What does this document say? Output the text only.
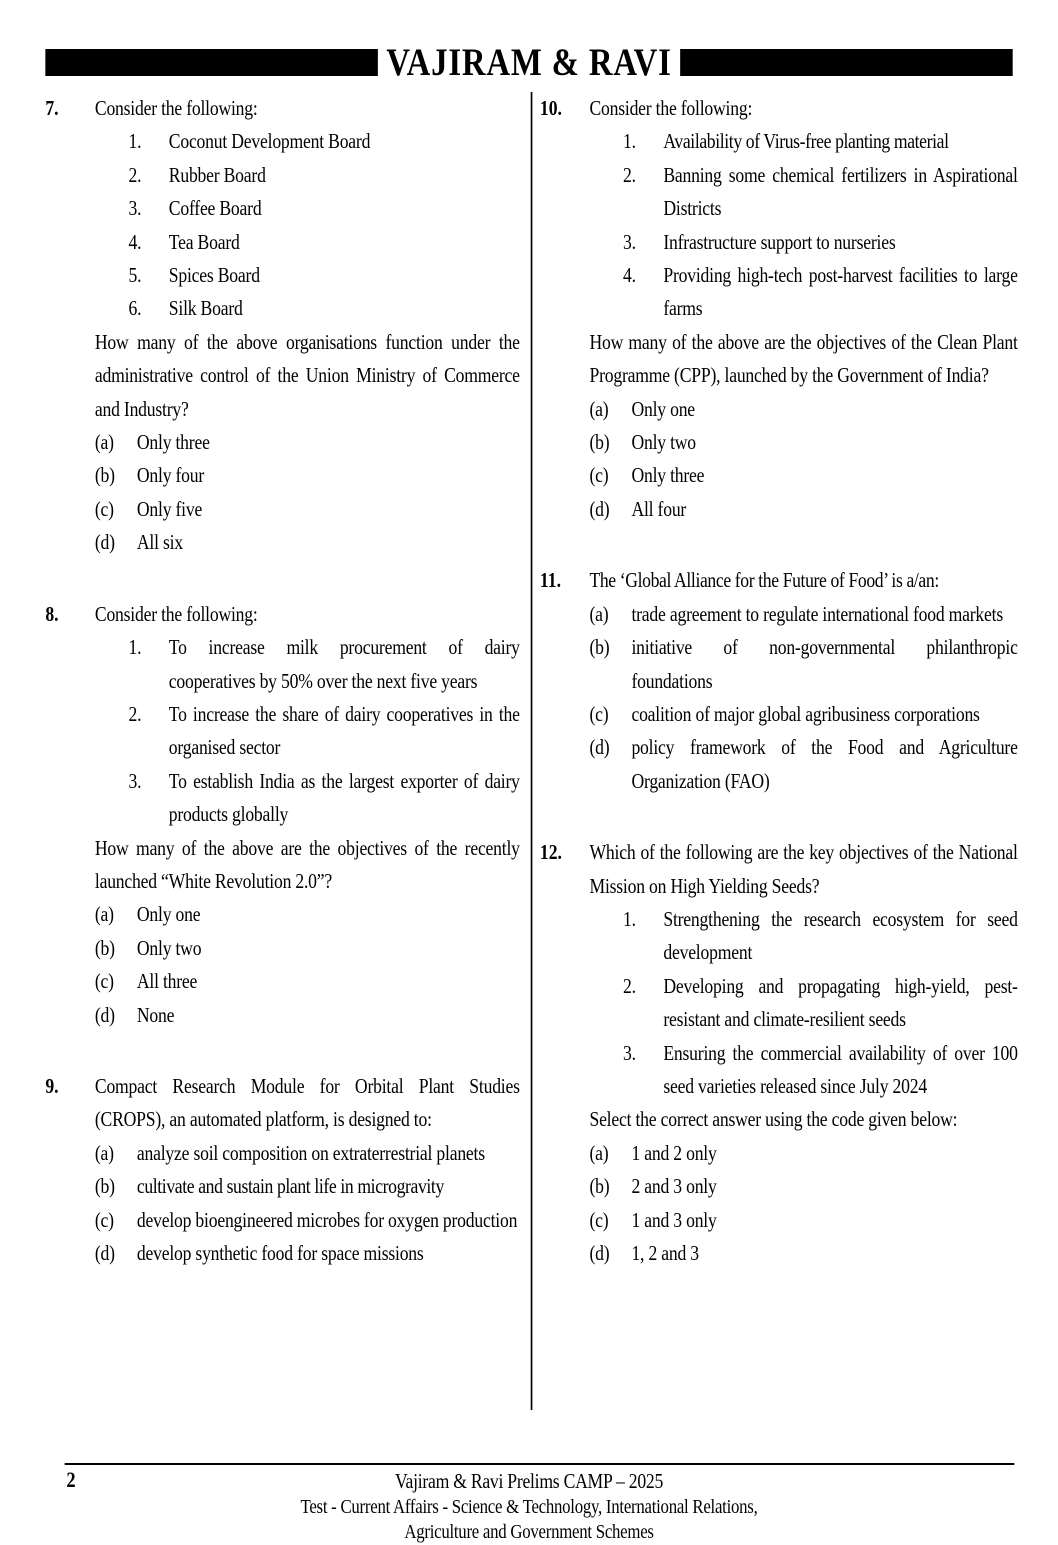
VAJIRAM & RAVI
7.	Consider the following:

1.	Coconut Development Board
2.	Rubber Board
3.	Coffee Board
4.	Tea Board
5.	Spices Board
6.	Silk Board

How many of the above organisations function under the administrative control of the Union Ministry of Commerce and Industry?

(a)	Only three
(b)	Only four
(c)	Only five
(d)	All six
8.	Consider the following:

1.	To increase milk procurement of dairy cooperatives by 50% over the next five years
2.	To increase the share of dairy cooperatives in the organised sector
3.	To establish India as the largest exporter of dairy products globally

How many of the above are the objectives of the recently launched “White Revolution 2.0”?

(a)	Only one
(b)	Only two
(c)	All three
(d)	None
9.	Compact Research Module for Orbital Plant Studies (CROPS), an automated platform, is designed to:

(a)	analyze soil composition on extraterrestrial planets
(b)	cultivate and sustain plant life in microgravity
(c)	develop bioengineered microbes for oxygen production
(d)	develop synthetic food for space missions
10.	Consider the following:

1.	Availability of Virus-free planting material
2.	Banning some chemical fertilizers in Aspirational Districts
3.	Infrastructure support to nurseries
4.	Providing high-tech post-harvest facilities to large farms

How many of the above are the objectives of the Clean Plant Programme (CPP), launched by the Government of India?

(a)	Only one
(b)	Only two
(c)	Only three
(d)	All four
11.	The ‘Global Alliance for the Future of Food’ is a/an:

(a)	trade agreement to regulate international food markets
(b)	initiative of non-governmental philanthropic foundations
(c)	coalition of major global agribusiness corporations
(d)	policy framework of the Food and Agriculture Organization (FAO)
12.	Which of the following are the key objectives of the National Mission on High Yielding Seeds?

1.	Strengthening the research ecosystem for seed development
2.	Developing and propagating high-yield, pest-resistant and climate-resilient seeds
3.	Ensuring the commercial availability of over 100 seed varieties released since July 2024

Select the correct answer using the code given below:

(a)	1 and 2 only
(b)	2 and 3 only
(c)	1 and 3 only
(d)	1, 2 and 3
2	Vajiram & Ravi Prelims CAMP – 2025
Test - Current Affairs - Science & Technology, International Relations,
Agriculture and Government Schemes
